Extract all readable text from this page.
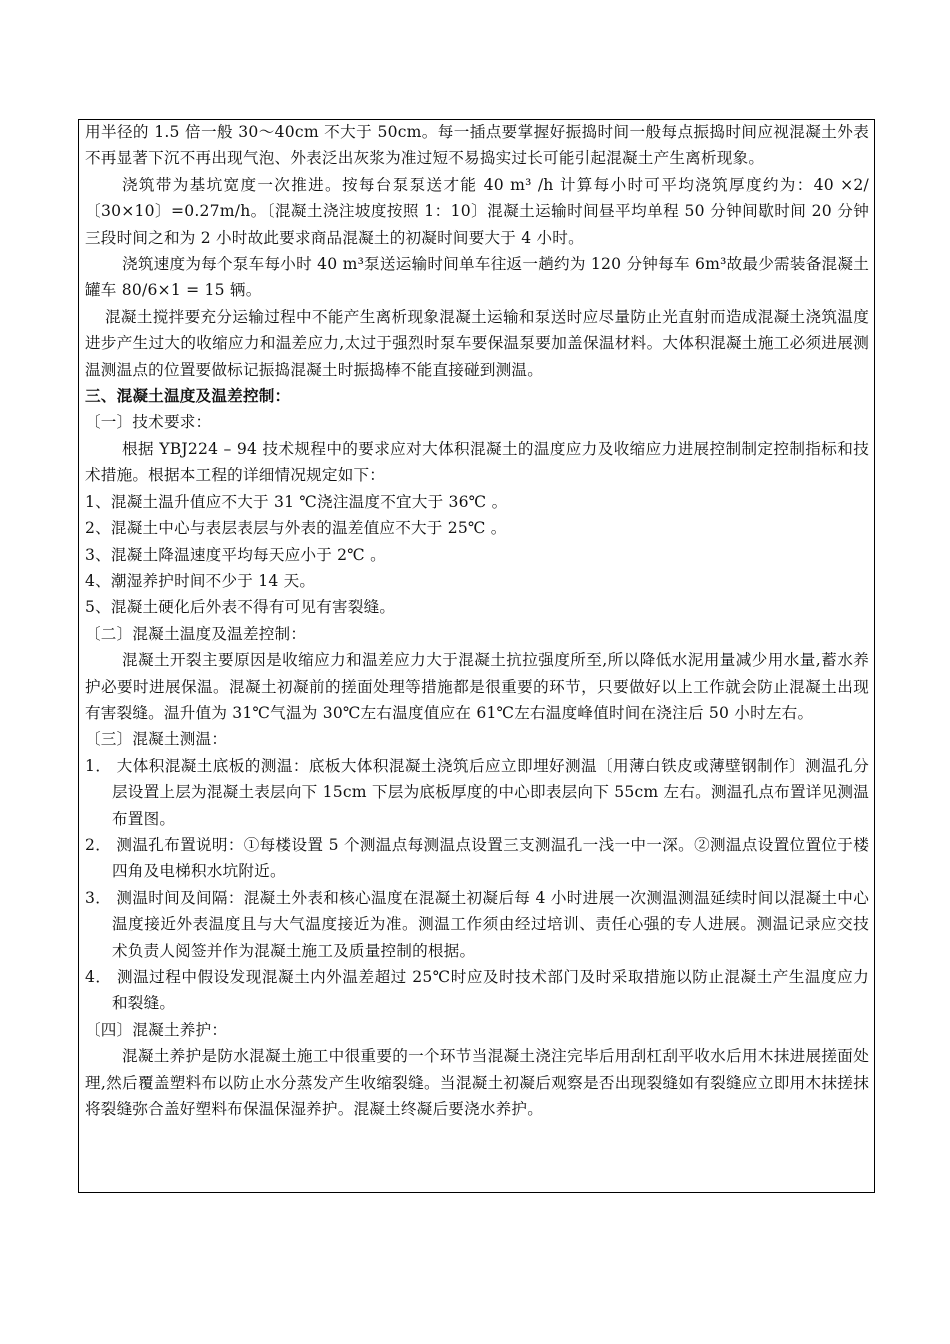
用半径的 1.5 倍一般 30～40cm 不大于 50cm。每一插点要掌握好振捣时间一般每点振捣时间应视混凝土外表不再显著下沉不再出现气泡、外表泛出灰浆为准过短不易捣实过长可能引起混凝土产生离析现象。

浇筑带为基坑宽度一次推进。按每台泵泵送才能 40 m³ /h 计算每小时可平均浇筑厚度约为：40 ×2/〔30×10〕=0.27m/h。〔混凝土浇注坡度按照 1：10〕混凝土运输时间昼平均单程 50 分钟间歇时间 20 分钟三段时间之和为 2 小时故此要求商品混凝土的初凝时间要大于 4 小时。

浇筑速度为每个泵车每小时 40 m³泵送运输时间单车往返一趟约为 120 分钟每车 6m³故最少需装备混凝土罐车 80/6×1 = 15 辆。

混凝土搅拌要充分运输过程中不能产生离析现象混凝土运输和泵送时应尽量防止光直射而造成混凝土浇筑温度进步产生过大的收缩应力和温差应力,太过于强烈时泵车要保温泵要加盖保温材料。大体积混凝土施工必须进展测温测温点的位置要做标记振捣混凝土时振捣棒不能直接碰到测温。

三、混凝土温度及温差控制：

〔一〕技术要求：

根据 YBJ224 – 94 技术规程中的要求应对大体积混凝土的温度应力及收缩应力进展控制制定控制指标和技术措施。根据本工程的详细情况规定如下：

1、混凝土温升值应不大于 31 ℃浇注温度不宜大于 36℃ 。

2、混凝土中心与表层表层与外表的温差值应不大于 25℃ 。

3、混凝土降温速度平均每天应小于 2℃ 。

4、潮湿养护时间不少于 14 天。

5、混凝土硬化后外表不得有可见有害裂缝。

〔二〕混凝土温度及温差控制：

混凝土开裂主要原因是收缩应力和温差应力大于混凝土抗拉强度所至,所以降低水泥用量减少用水量,蓄水养护必要时进展保温。混凝土初凝前的搓面处理等措施都是很重要的环节，只要做好以上工作就会防止混凝土出现有害裂缝。温升值为 31℃气温为 30℃左右温度值应在 61℃左右温度峰值时间在浇注后 50 小时左右。

〔三〕混凝土测温：

1． 大体积混凝土底板的测温：底板大体积混凝土浇筑后应立即埋好测温〔用薄白铁皮或薄壁钢制作〕测温孔分层设置上层为混凝土表层向下 15cm 下层为底板厚度的中心即表层向下 55cm 左右。测温孔点布置详见测温布置图。

2． 测温孔布置说明：①每楼设置 5 个测温点每测温点设置三支测温孔一浅一中一深。②测温点设置位置位于楼四角及电梯积水坑附近。

3． 测温时间及间隔：混凝土外表和核心温度在混凝土初凝后每 4 小时进展一次测温测温延续时间以混凝土中心温度接近外表温度且与大气温度接近为准。测温工作须由经过培训、责任心强的专人进展。测温记录应交技术负责人阅签并作为混凝土施工及质量控制的根据。

4． 测温过程中假设发现混凝土内外温差超过 25℃时应及时技术部门及时采取措施以防止混凝土产生温度应力和裂缝。

〔四〕混凝土养护：

混凝土养护是防水混凝土施工中很重要的一个环节当混凝土浇注完毕后用刮杠刮平收水后用木抹进展搓面处理,然后覆盖塑料布以防止水分蒸发产生收缩裂缝。当混凝土初凝后观察是否出现裂缝如有裂缝应立即用木抹搓抹将裂缝弥合盖好塑料布保温保湿养护。混凝土终凝后要浇水养护。
